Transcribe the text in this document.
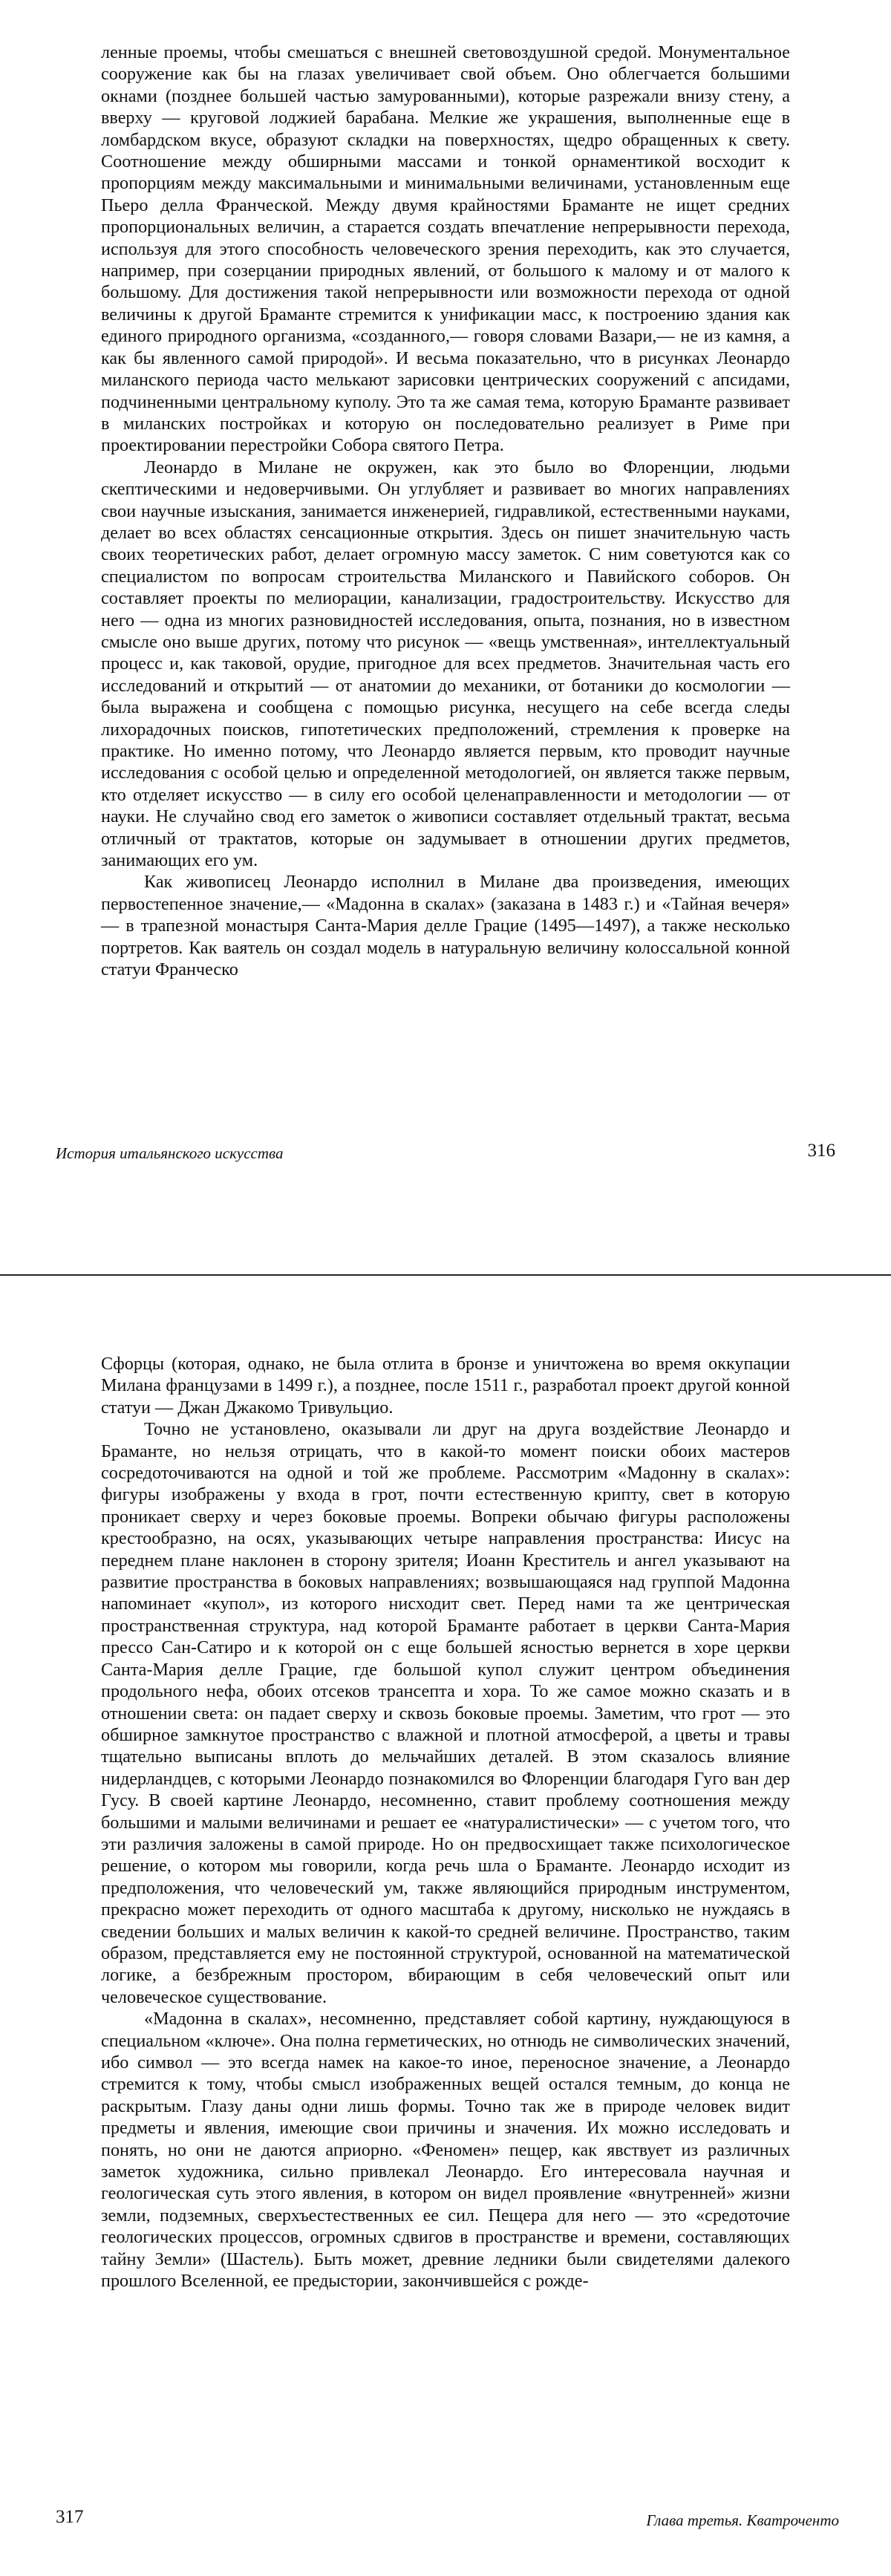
ленные проемы, чтобы смешаться с внешней световоздушной средой. Монументальное сооружение как бы на глазах увеличивает свой объем. Оно облегчается большими окнами (позднее большей частью замурованными), которые разрежали внизу стену, а вверху — круговой лоджией барабана. Мелкие же украшения, выполненные еще в ломбардском вкусе, образуют складки на поверхностях, щедро обращенных к свету. Соотношение между обширными массами и тонкой орнаментикой восходит к пропорциям между максимальными и минимальными величинами, установленным еще Пьеро делла Франческой. Между двумя крайностями Браманте не ищет средних пропорциональных величин, а старается создать впечатление непрерывности перехода, используя для этого способность человеческого зрения переходить, как это случается, например, при созерцании природных явлений, от большого к малому и от малого к большому. Для достижения такой непрерывности или возможности перехода от одной величины к другой Браманте стремится к унификации масс, к построению здания как единого природного организма, «созданного,— говоря словами Вазари,— не из камня, а как бы явленного самой природой». И весьма показательно, что в рисунках Леонардо миланского периода часто мелькают зарисовки центрических сооружений с апсидами, подчиненными центральному куполу. Это та же самая тема, которую Браманте развивает в миланских постройках и которую он последовательно реализует в Риме при проектировании перестройки Собора святого Петра.

Леонардо в Милане не окружен, как это было во Флоренции, людьми скептическими и недоверчивыми. Он углубляет и развивает во многих направлениях свои научные изыскания, занимается инженерией, гидравликой, естественными науками, делает во всех областях сенсационные открытия. Здесь он пишет значительную часть своих теоретических работ, делает огромную массу заметок. С ним советуются как со специалистом по вопросам строительства Миланского и Павийского соборов. Он составляет проекты по мелиорации, канализации, градостроительству. Искусство для него — одна из многих разновидностей исследования, опыта, познания, но в известном смысле оно выше других, потому что рисунок — «вещь умственная», интеллектуальный процесс и, как таковой, орудие, пригодное для всех предметов. Значительная часть его исследований и открытий — от анатомии до механики, от ботаники до космологии — была выражена и сообщена с помощью рисунка, несущего на себе всегда следы лихорадочных поисков, гипотетических предположений, стремления к проверке на практике. Но именно потому, что Леонардо является первым, кто проводит научные исследования с особой целью и определенной методологией, он является также первым, кто отделяет искусство — в силу его особой целенаправленности и методологии — от науки. Не случайно свод его заметок о живописи составляет отдельный трактат, весьма отличный от трактатов, которые он задумывает в отношении других предметов, занимающих его ум.

Как живописец Леонардо исполнил в Милане два произведения, имеющих первостепенное значение,— «Мадонна в скалах» (заказана в 1483 г.) и «Тайная вечеря» — в трапезной монастыря Санта-Мария делле Грацие (1495—1497), а также несколько портретов. Как ваятель он создал модель в натуральную величину колоссальной конной статуи Франческо

История итальянского искусства	316

Сфорцы (которая, однако, не была отлита в бронзе и уничтожена во время оккупации Милана французами в 1499 г.), а позднее, после 1511 г., разработал проект другой конной статуи — Джан Джакомо Тривульцио.

Точно не установлено, оказывали ли друг на друга воздействие Леонардо и Браманте, но нельзя отрицать, что в какой-то момент поиски обоих мастеров сосредоточиваются на одной и той же проблеме. Рассмотрим «Мадонну в скалах»: фигуры изображены у входа в грот, почти естественную крипту, свет в которую проникает сверху и через боковые проемы. Вопреки обычаю фигуры расположены крестообразно, на осях, указывающих четыре направления пространства: Иисус на переднем плане наклонен в сторону зрителя; Иоанн Креститель и ангел указывают на развитие пространства в боковых направлениях; возвышающаяся над группой Мадонна напоминает «купол», из которого нисходит свет. Перед нами та же центрическая пространственная структура, над которой Браманте работает в церкви Санта-Мария прессо Сан-Сатиро и к которой он с еще большей ясностью вернется в хоре церкви Санта-Мария делле Грацие, где большой купол служит центром объединения продольного нефа, обоих отсеков трансепта и хора. То же самое можно сказать и в отношении света: он падает сверху и сквозь боковые проемы. Заметим, что грот — это обширное замкнутое пространство с влажной и плотной атмосферой, а цветы и травы тщательно выписаны вплоть до мельчайших деталей. В этом сказалось влияние нидерландцев, с которыми Леонардо познакомился во Флоренции благодаря Гуго ван дер Гусу. В своей картине Леонардо, несомненно, ставит проблему соотношения между большими и малыми величинами и решает ее «натуралистически» — с учетом того, что эти различия заложены в самой природе. Но он предвосхищает также психологическое решение, о котором мы говорили, когда речь шла о Браманте. Леонардо исходит из предположения, что человеческий ум, также являющийся природным инструментом, прекрасно может переходить от одного масштаба к другому, нисколько не нуждаясь в сведении больших и малых величин к какой-то средней величине. Пространство, таким образом, представляется ему не постоянной структурой, основанной на математической логике, а безбрежным простором, вбирающим в себя человеческий опыт или человеческое существование.

«Мадонна в скалах», несомненно, представляет собой картину, нуждающуюся в специальном «ключе». Она полна герметических, но отнюдь не символических значений, ибо символ — это всегда намек на какое-то иное, переносное значение, а Леонардо стремится к тому, чтобы смысл изображенных вещей остался темным, до конца не раскрытым. Глазу даны одни лишь формы. Точно так же в природе человек видит предметы и явления, имеющие свои причины и значения. Их можно исследовать и понять, но они не даются априорно. «Феномен» пещер, как явствует из различных заметок художника, сильно привлекал Леонардо. Его интересовала научная и геологическая суть этого явления, в котором он видел проявление «внутренней» жизни земли, подземных, сверхъестественных ее сил. Пещера для него — это «средоточие геологических процессов, огромных сдвигов в пространстве и времени, составляющих тайну Земли» (Шастель). Быть может, древние ледники были свидетелями далекого прошлого Вселенной, ее предыстории, закончившейся с рожде-

317	Глава третья. Кватроченто
